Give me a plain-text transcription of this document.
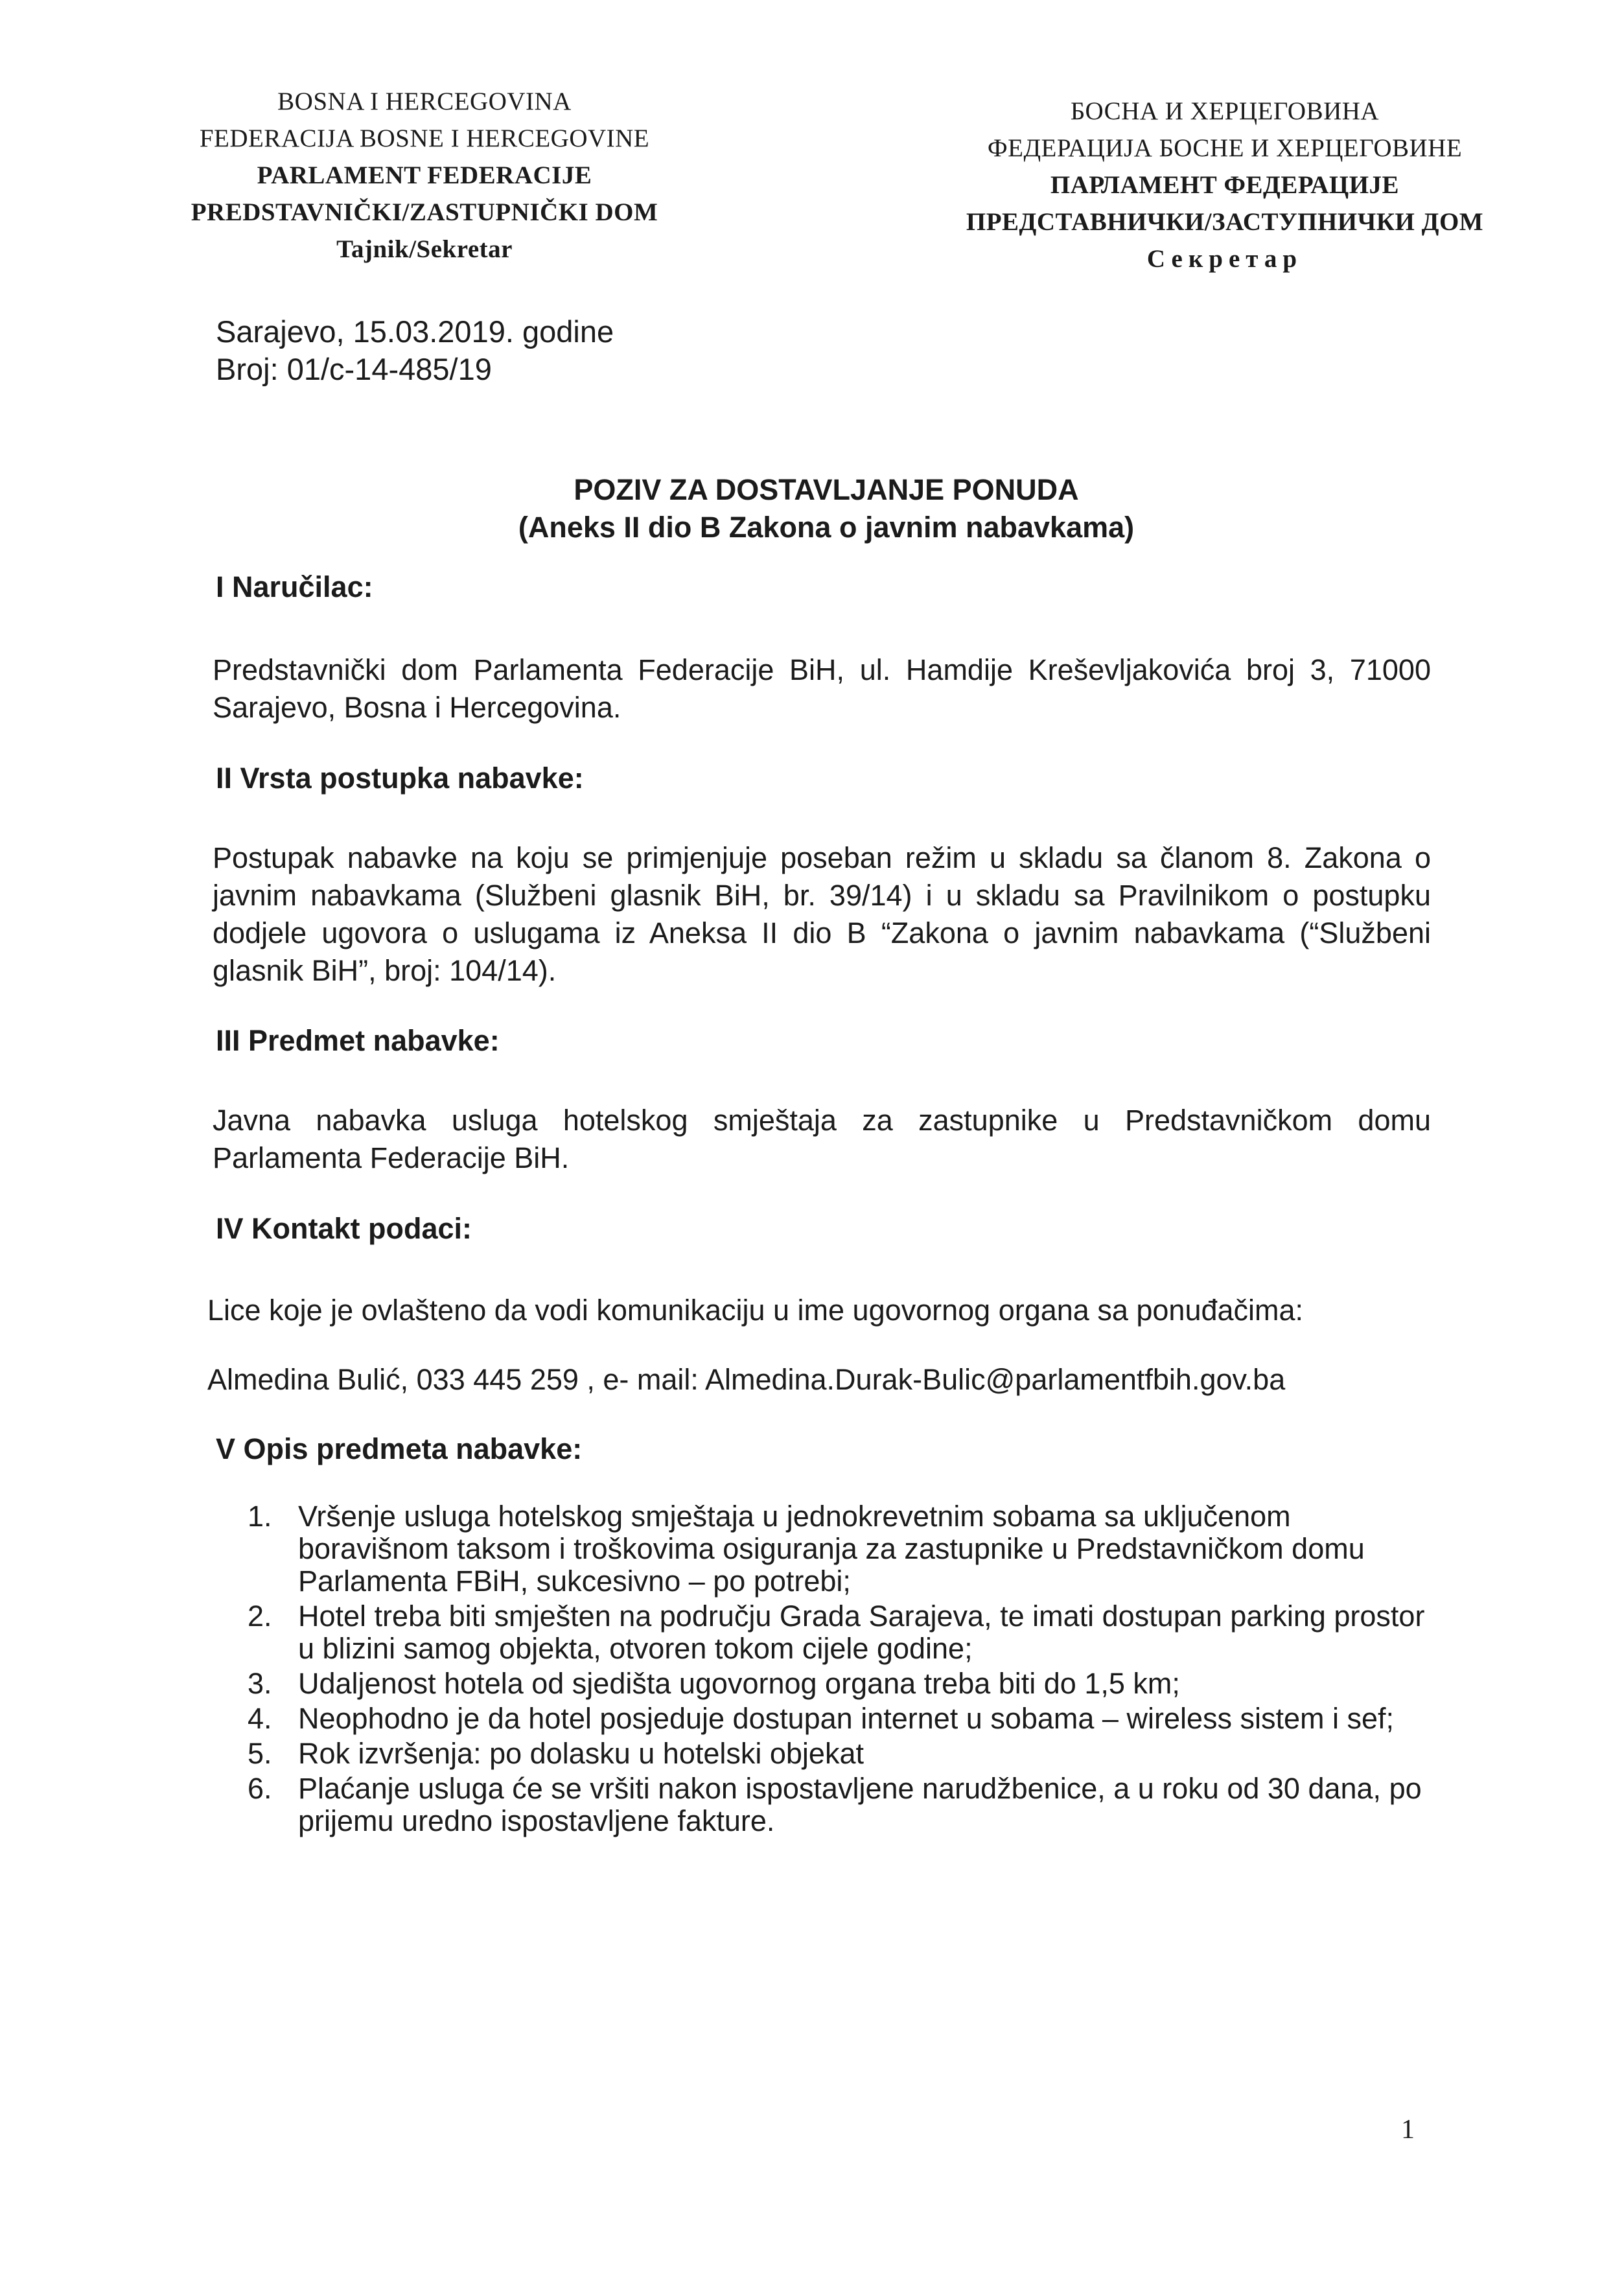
BOSNA I HERCEGOVINA
FEDERACIJA BOSNE I HERCEGOVINE
PARLAMENT FEDERACIJE
PREDSTAVNIČKI/ZASTUPNIČKI DOM
Tajnik/Sekretar
БОСНА И ХЕРЦЕГОВИНА
ФЕДЕРАЦИЈА БОСНЕ И ХЕРЦЕГОВИНЕ
ПАРЛАМЕНТ ФЕДЕРАЦИЈЕ
ПРЕДСТАВНИЧКИ/ЗАСТУПНИЧКИ ДОМ
Секретар
Sarajevo, 15.03.2019. godine
Broj: 01/c-14-485/19
POZIV ZA DOSTAVLJANJE PONUDA
(Aneks II dio B Zakona o javnim nabavkama)
I Naručilac:
Predstavnički dom Parlamenta Federacije BiH, ul. Hamdije Kreševljakovića broj 3, 71000 Sarajevo, Bosna i Hercegovina.
II Vrsta postupka nabavke:
Postupak nabavke na koju se primjenjuje poseban režim u skladu sa članom 8. Zakona o javnim nabavkama (Službeni glasnik BiH, br. 39/14) i u skladu sa Pravilnikom o postupku dodjele ugovora o uslugama iz Aneksa II dio B “Zakona o javnim nabavkama (“Službeni glasnik BiH”, broj: 104/14).
III Predmet nabavke:
Javna nabavka usluga hotelskog smještaja za zastupnike u Predstavničkom domu Parlamenta Federacije BiH.
IV Kontakt podaci:
Lice koje je ovlašteno da vodi komunikaciju u ime ugovornog organa sa ponuđačima:
Almedina Bulić, 033 445 259 , e- mail: Almedina.Durak-Bulic@parlamentfbih.gov.ba
V Opis predmeta nabavke:
1. Vršenje usluga hotelskog smještaja u jednokrevetnim sobama sa uključenom boravišnom taksom i troškovima osiguranja za zastupnike u Predstavničkom domu Parlamenta FBiH, sukcesivno – po potrebi;
2. Hotel treba biti smješten na području Grada Sarajeva, te imati dostupan parking prostor u blizini samog objekta, otvoren tokom cijele godine;
3. Udaljenost hotela od sjedišta ugovornog organa treba biti do 1,5 km;
4. Neophodno je da hotel posjeduje dostupan internet u sobama – wireless sistem i sef;
5. Rok izvršenja: po dolasku u hotelski objekat
6. Plaćanje usluga će se vršiti nakon ispostavljene narudžbenice, a u roku od 30 dana, po prijemu uredno ispostavljene fakture.
1
